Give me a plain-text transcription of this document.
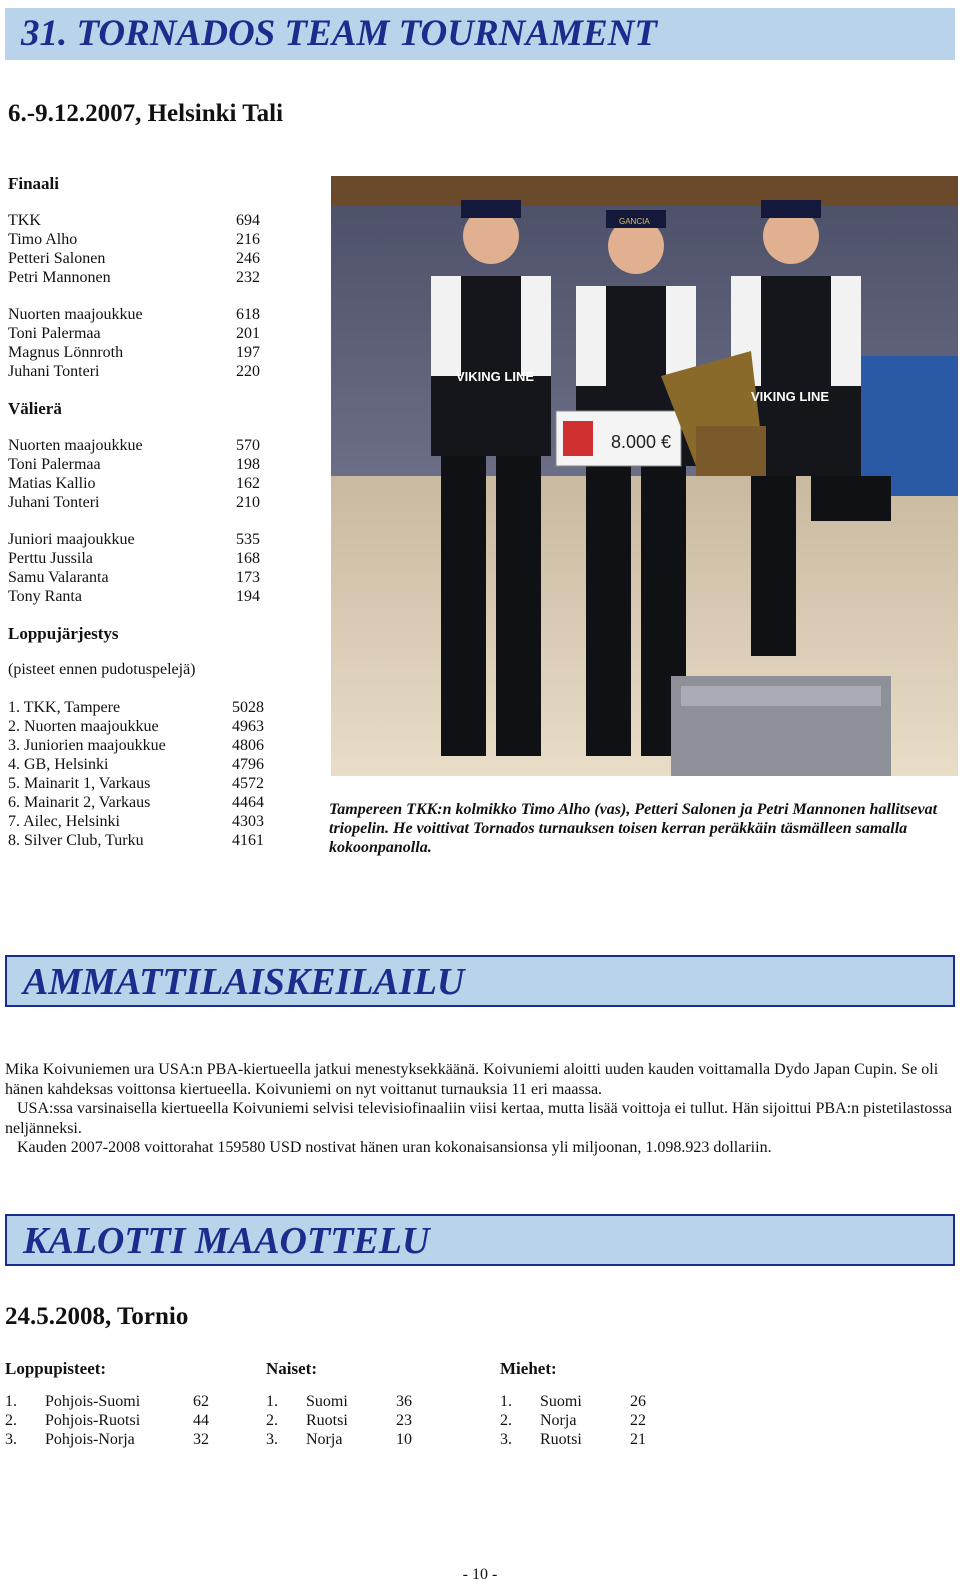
31. TORNADOS TEAM TOURNAMENT
6.-9.12.2007, Helsinki Tali
Finaali
TKK	694
Timo Alho	216
Petteri Salonen	246
Petri Mannonen	232
Nuorten maajoukkue	618
Toni Palermaa	201
Magnus Lönnroth	197
Juhani Tonteri	220
Välierä
Nuorten maajoukkue	570
Toni Palermaa	198
Matias Kallio	162
Juhani Tonteri	210
Juniori maajoukkue	535
Perttu Jussila	168
Samu Valaranta	173
Tony Ranta	194
Loppujärjestys
(pisteet ennen pudotuspelejä)
1. TKK, Tampere	5028
2. Nuorten maajoukkue	4963
3. Juniorien maajoukkue	4806
4. GB, Helsinki	4796
5. Mainarit 1, Varkaus	4572
6. Mainarit 2, Varkaus	4464
7. Ailec, Helsinki	4303
8. Silver Club, Turku	4161
8.000 €
VIKING LINE
VIKING LINE
GANCIA
Tampereen TKK:n kolmikko Timo Alho (vas), Petteri Salonen ja Petri Mannonen hallitsevat triopelin. He voittivat Tornados turnauksen toisen kerran peräkkäin täsmälleen samalla kokoonpanolla.
AMMATTILAISKEILAILU

Mika Koivuniemen ura USA:n PBA-kiertueella jatkui menestyksekkäänä. Koivuniemi aloitti uuden kauden voittamalla Dydo Japan Cupin. Se oli hänen kahdeksas voittonsa kiertueella. Koivuniemi on nyt voittanut turnauksia 11 eri maassa.

USA:ssa varsinaisella kiertueella Koivuniemi selvisi televisiofinaaliin viisi kertaa, mutta lisää voittoja ei tullut. Hän sijoittui PBA:n pistetilastossa neljänneksi.

Kauden 2007-2008 voittorahat 159580 USD nostivat hänen uran kokonaisansionsa yli miljoonan, 1.098.923 dollariin.

KALOTTI MAAOTTELU
24.5.2008, Tornio
Loppupisteet:
1. Pohjois-Suomi	62
2. Pohjois-Ruotsi	44
3. Pohjois-Norja	32
Naiset:
1. Suomi	36
2. Ruotsi	23
3. Norja	10
Miehet:
1. Suomi	26
2. Norja	22
3. Ruotsi	21
- 10 -
